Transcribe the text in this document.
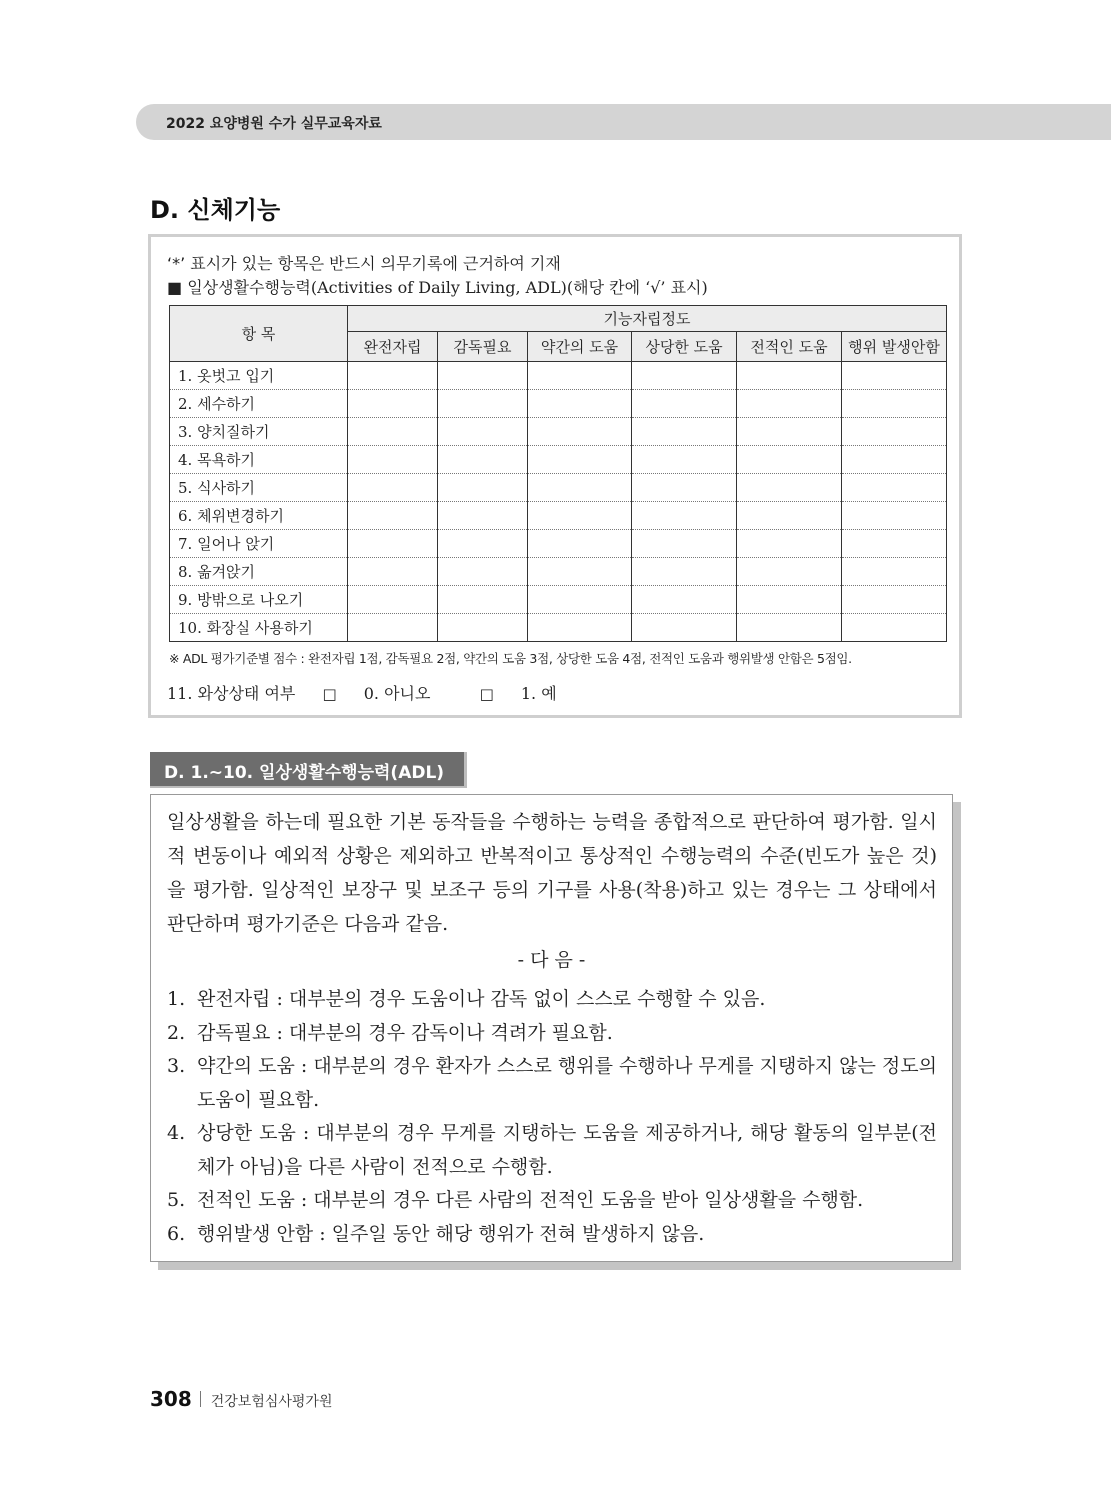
2022 요양병원 수가 실무교육자료
D. 신체기능
‘*’ 표시가 있는 항목은 반드시 의무기록에 근거하여 기재
■ 일상생활수행능력(Activities of Daily Living, ADL)(해당 칸에 ‘√’ 표시)
항 목	기능자립정도					
	완전자립	감독필요	약간의 도움	상당한 도움	전적인 도움	행위 발생안함
1. 옷벗고 입기						
2. 세수하기						
3. 양치질하기						
4. 목욕하기						
5. 식사하기						
6. 체위변경하기						
7. 일어나 앉기						
8. 옮겨앉기						
9. 방밖으로 나오기						
10. 화장실 사용하기						
※ ADL 평가기준별 점수 : 완전자립 1점, 감독필요 2점, 약간의 도움 3점, 상당한 도움 4점, 전적인 도움과 행위발생 안함은 5점임.
11. 와상상태 여부 □ 0. 아니오	□ 1. 예
D. 1.~10. 일상생활수행능력(ADL)
일상생활을 하는데 필요한 기본 동작들을 수행하는 능력을 종합적으로 판단하여 평가함. 일시적 변동이나 예외적 상황은 제외하고 반복적이고 통상적인 수행능력의 수준(빈도가 높은 것)을 평가함. 일상적인 보장구 및 보조구 등의 기구를 사용(착용)하고 있는 경우는 그 상태에서 판단하며 평가기준은 다음과 같음.
- 다 음 -
1. 완전자립 : 대부분의 경우 도움이나 감독 없이 스스로 수행할 수 있음.
2. 감독필요 : 대부분의 경우 감독이나 격려가 필요함.
3. 약간의 도움 : 대부분의 경우 환자가 스스로 행위를 수행하나 무게를 지탱하지 않는 정도의 도움이 필요함.
4. 상당한 도움 : 대부분의 경우 무게를 지탱하는 도움을 제공하거나, 해당 활동의 일부분(전체가 아님)을 다른 사람이 전적으로 수행함.
5. 전적인 도움 : 대부분의 경우 다른 사람의 전적인 도움을 받아 일상생활을 수행함.
6. 행위발생 안함 : 일주일 동안 해당 행위가 전혀 발생하지 않음.
308 건강보험심사평가원
